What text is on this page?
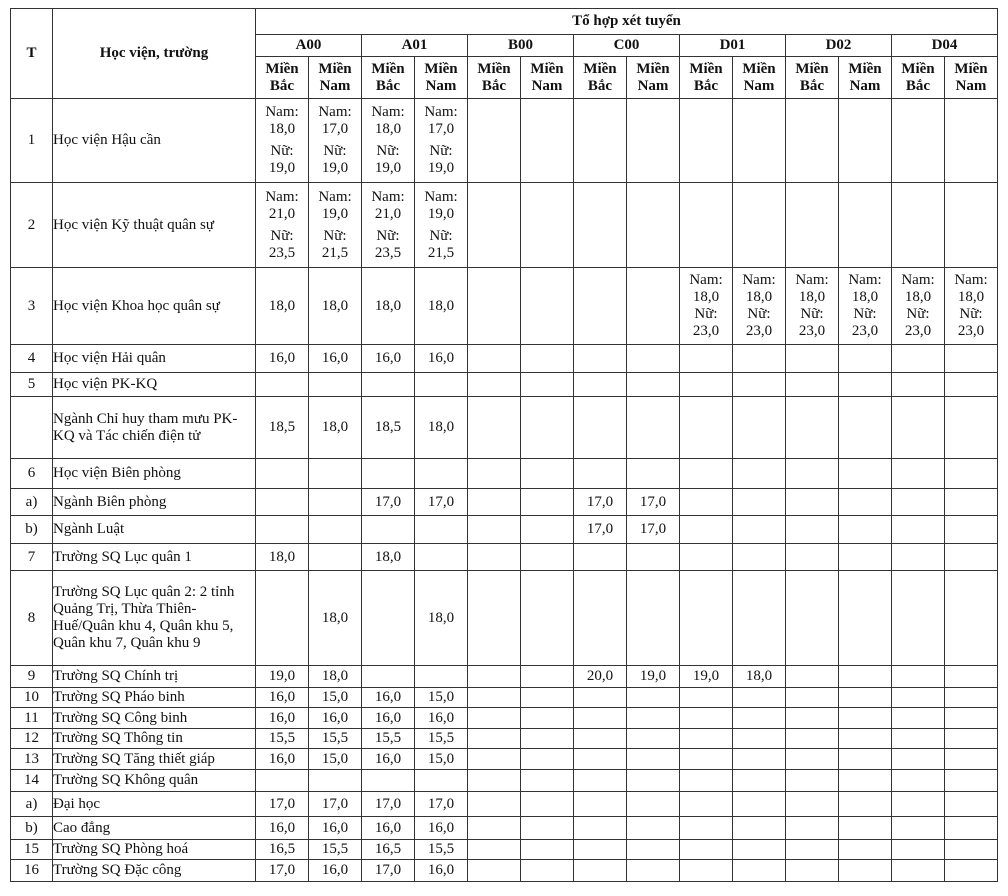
T	Học viện, trường	Tổ hợp xét tuyển													
		A00		A01		B00		C00		D01		D02		D04	
		Miền Bắc	Miền Nam	Miền Bắc	Miền Nam	Miền Bắc	Miền Nam	Miền Bắc	Miền Nam	Miền Bắc	Miền Nam	Miền Bắc	Miền Nam	Miền Bắc	Miền Nam
1	Học viện Hậu cần	Nam:
18,0
Nữ:
19,0	Nam:
17,0
Nữ:
19,0	Nam:
18,0
Nữ:
19,0	Nam:
17,0
Nữ:
19,0										

2	Học viện Kỹ thuật quân sự	Nam:
21,0
Nữ:
23,5	Nam:
19,0
Nữ:
21,5	Nam:
21,0
Nữ:
23,5	Nam:
19,0
Nữ:
21,5										

3	Học viện Khoa học quân sự	18,0	18,0	18,0	18,0					Nam:
18,0
Nữ:
23,0	Nam:
18,0
Nữ:
23,0	Nam:
18,0
Nữ:
23,0	Nam:
18,0
Nữ:
23,0	Nam:
18,0
Nữ:
23,0	Nam:
18,0
Nữ:
23,0

4	Học viện Hải quân	16,0	16,0	16,0	16,0										
5	Học viện PK-KQ														
	Ngành Chỉ huy tham mưu PK-KQ và Tác chiến điện tử	18,5	18,0	18,5	18,0										
6	Học viện Biên phòng														
a)	Ngành Biên phòng			17,0	17,0			17,0	17,0						
b)	Ngành Luật							17,0	17,0						
7	Trường SQ Lục quân 1	18,0		18,0											
8	Trường SQ Lục quân 2: 2 tỉnh Quảng Trị, Thừa Thiên-Huế/Quân khu 4, Quân khu 5, Quân khu 7, Quân khu 9		18,0		18,0										
9	Trường SQ Chính trị	19,0	18,0					20,0	19,0	19,0	18,0				
10	Trường SQ Pháo binh	16,0	15,0	16,0	15,0										
11	Trường SQ Công binh	16,0	16,0	16,0	16,0										
12	Trường SQ Thông tin	15,5	15,5	15,5	15,5										
13	Trường SQ Tăng thiết giáp	16,0	15,0	16,0	15,0										
14	Trường SQ Không quân														
a)	Đại học	17,0	17,0	17,0	17,0										
b)	Cao đẳng	16,0	16,0	16,0	16,0										
15	Trường SQ Phòng hoá	16,5	15,5	16,5	15,5										
16	Trường SQ Đặc công	17,0	16,0	17,0	16,0										
